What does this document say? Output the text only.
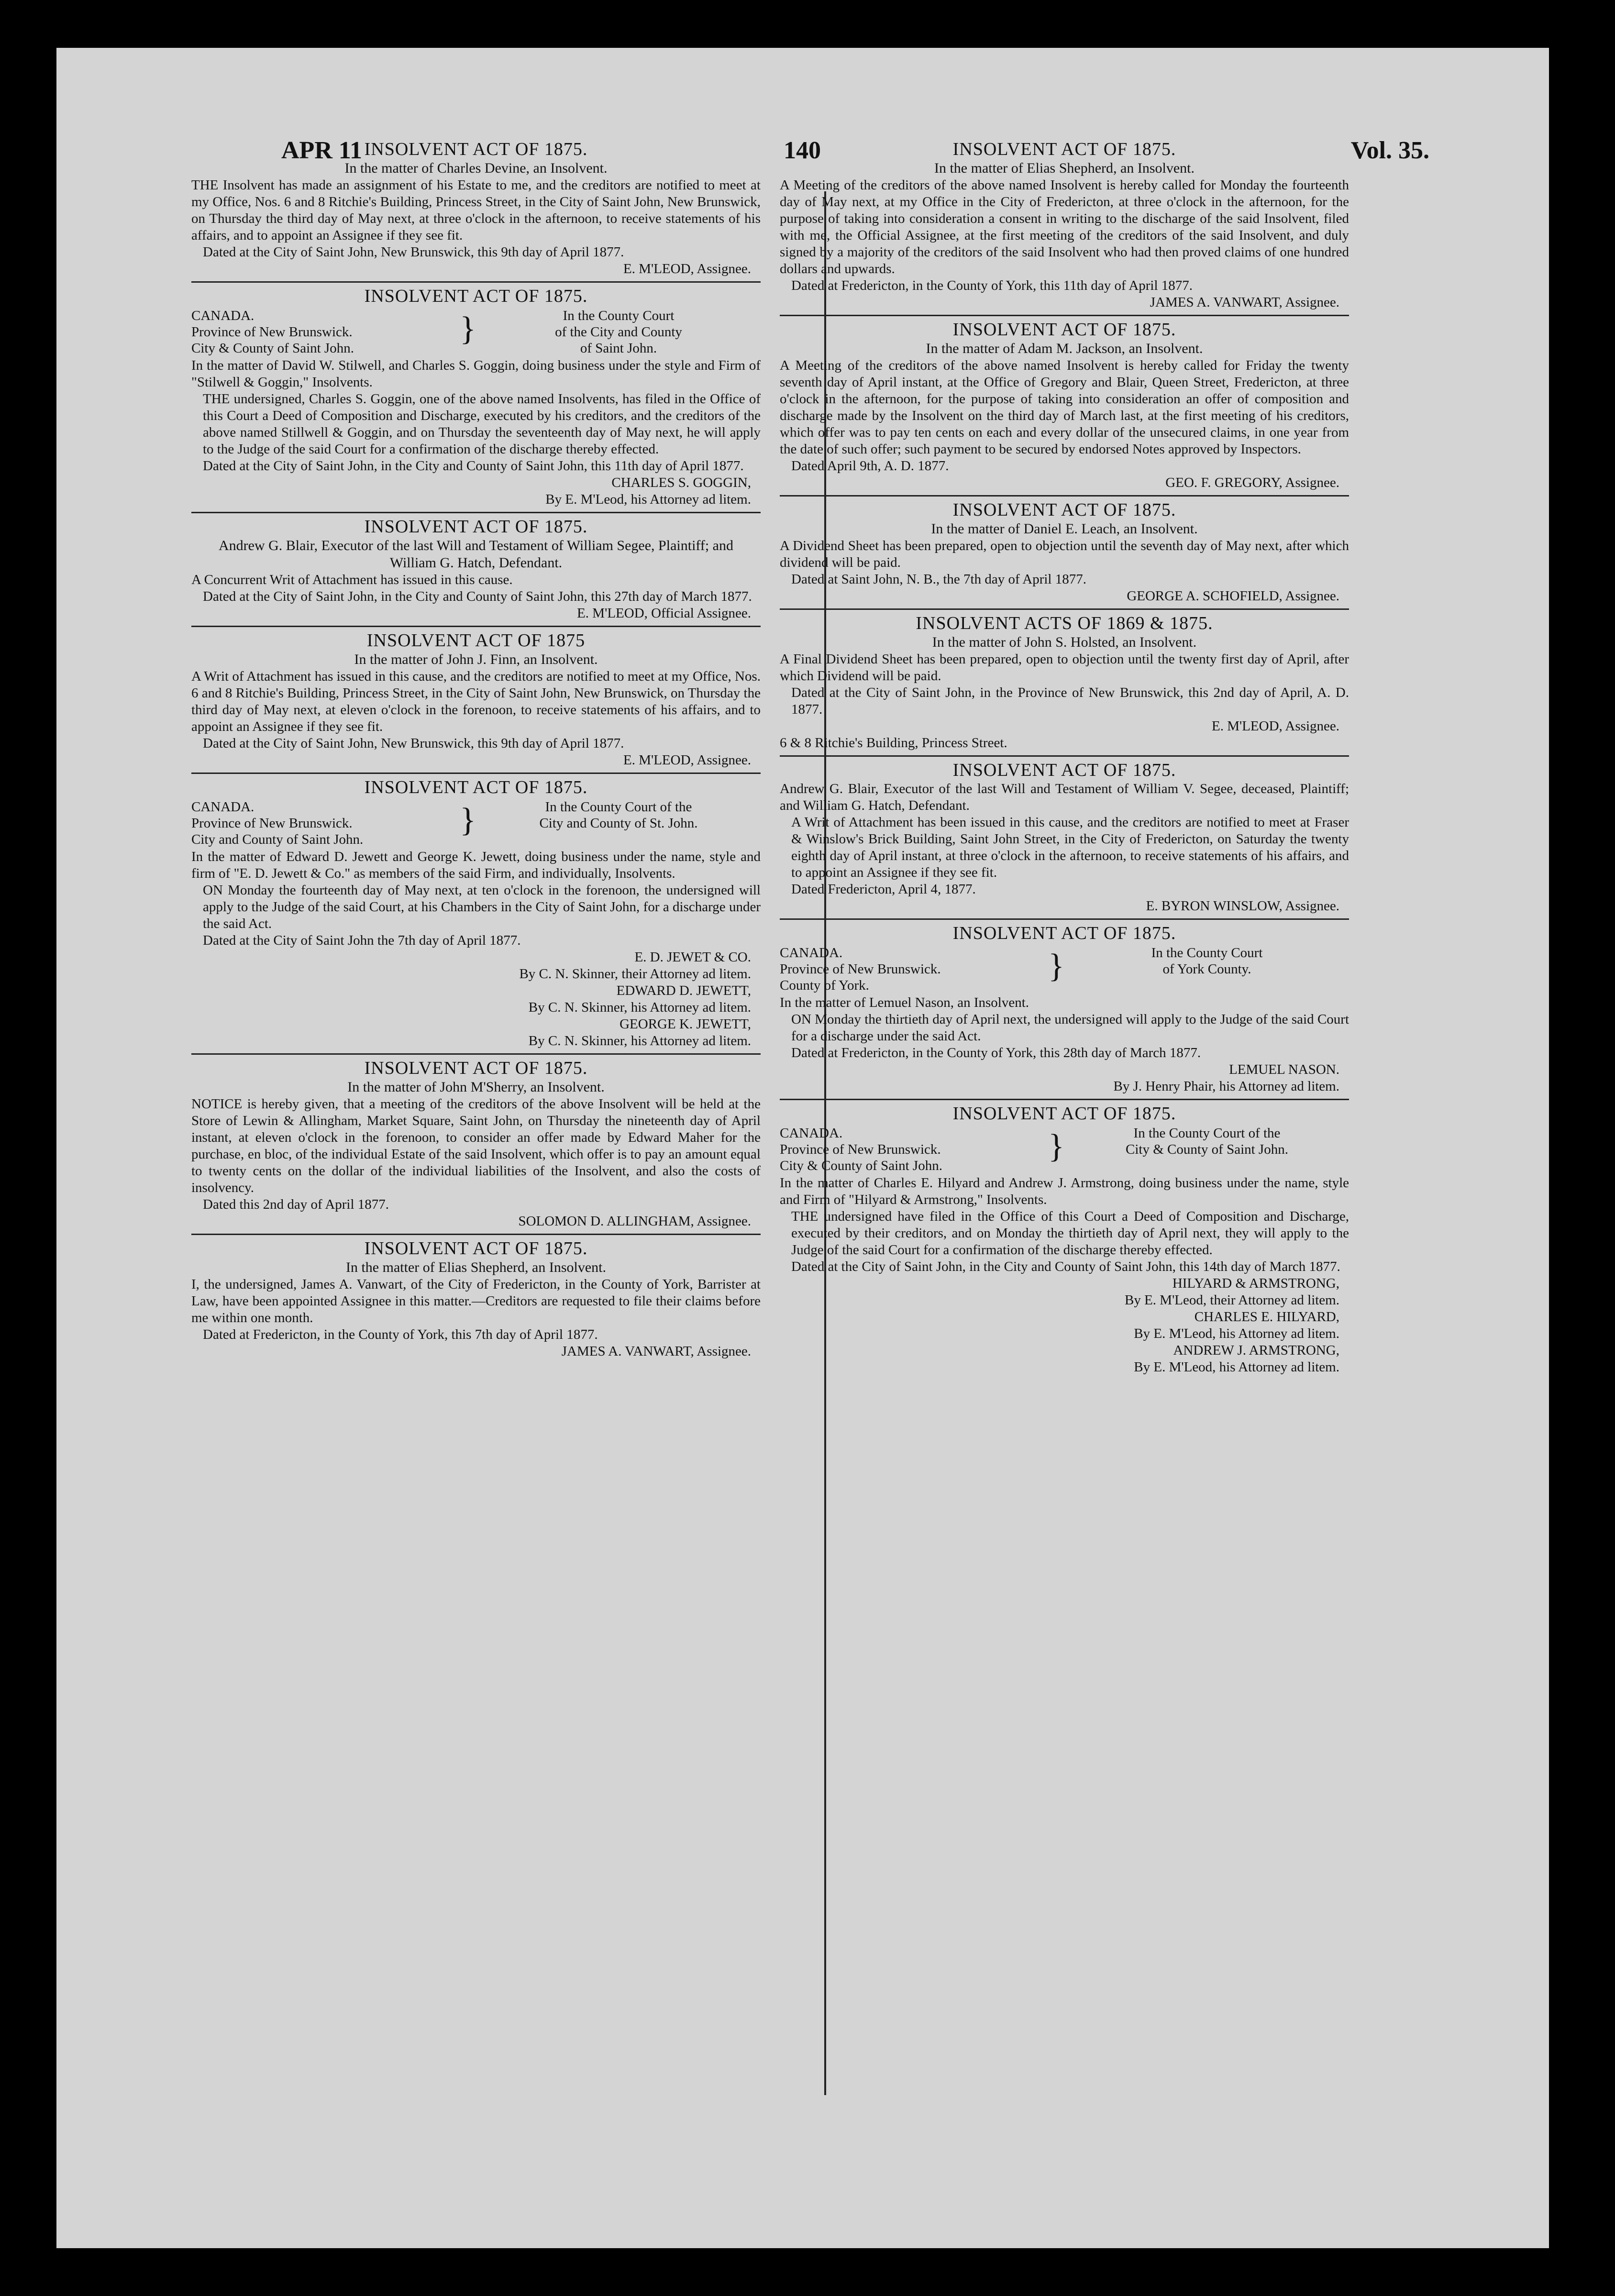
APR 11	140	Vol. 35.
INSOLVENT ACT OF 1875.
In the matter of Charles Devine, an Insolvent.
THE Insolvent has made an assignment of his Estate to me, and the creditors are notified to meet at my Office, Nos. 6 and 8 Ritchie's Building, Princess Street, in the City of Saint John, New Brunswick, on Thursday the third day of May next, at three o'clock in the afternoon, to receive statements of his affairs, and to appoint an Assignee if they see fit.
Dated at the City of Saint John, New Brunswick, this 9th day of April 1877.
E. M'LEOD, Assignee.
INSOLVENT ACT OF 1875.
CANADA.
Province of New Brunswick.
City & County of Saint John.
}	In the County Court
of the City and County
of Saint John.
In the matter of David W. Stilwell, and Charles S. Goggin, doing business under the style and Firm of "Stilwell & Goggin," Insolvents.
THE undersigned, Charles S. Goggin, one of the above named Insolvents, has filed in the Office of this Court a Deed of Composition and Discharge, executed by his creditors, and the creditors of the above named Stillwell & Goggin, and on Thursday the seventeenth day of May next, he will apply to the Judge of the said Court for a confirmation of the discharge thereby effected.
Dated at the City of Saint John, in the City and County of Saint John, this 11th day of April 1877.
CHARLES S. GOGGIN,
By E. M'Leod, his Attorney ad litem.
INSOLVENT ACT OF 1875.
Andrew G. Blair, Executor of the last Will and Testament of William Segee, Plaintiff; and
William G. Hatch, Defendant.
A Concurrent Writ of Attachment has issued in this cause.
Dated at the City of Saint John, in the City and County of Saint John, this 27th day of March 1877.
E. M'LEOD, Official Assignee.
INSOLVENT ACT OF 1875
In the matter of John J. Finn, an Insolvent.
A Writ of Attachment has issued in this cause, and the creditors are notified to meet at my Office, Nos. 6 and 8 Ritchie's Building, Princess Street, in the City of Saint John, New Brunswick, on Thursday the third day of May next, at eleven o'clock in the forenoon, to receive statements of his affairs, and to appoint an Assignee if they see fit.
Dated at the City of Saint John, New Brunswick, this 9th day of April 1877.
E. M'LEOD, Assignee.
INSOLVENT ACT OF 1875.
CANADA.
Province of New Brunswick.
City and County of Saint John.
}	In the County Court of the
City and County of St. John.
In the matter of Edward D. Jewett and George K. Jewett, doing business under the name, style and firm of "E. D. Jewett & Co." as members of the said Firm, and individually, Insolvents.
ON Monday the fourteenth day of May next, at ten o'clock in the forenoon, the undersigned will apply to the Judge of the said Court, at his Chambers in the City of Saint John, for a discharge under the said Act.
Dated at the City of Saint John the 7th day of April 1877.
E. D. JEWET & CO.
By C. N. Skinner, their Attorney ad litem.
EDWARD D. JEWETT,
By C. N. Skinner, his Attorney ad litem.
GEORGE K. JEWETT,
By C. N. Skinner, his Attorney ad litem.
INSOLVENT ACT OF 1875.
In the matter of John M'Sherry, an Insolvent.
NOTICE is hereby given, that a meeting of the creditors of the above Insolvent will be held at the Store of Lewin & Allingham, Market Square, Saint John, on Thursday the nineteenth day of April instant, at eleven o'clock in the forenoon, to consider an offer made by Edward Maher for the purchase, en bloc, of the individual Estate of the said Insolvent, which offer is to pay an amount equal to twenty cents on the dollar of the individual liabilities of the Insolvent, and also the costs of insolvency.
Dated this 2nd day of April 1877.
SOLOMON D. ALLINGHAM, Assignee.
INSOLVENT ACT OF 1875.
In the matter of Elias Shepherd, an Insolvent.
I, the undersigned, James A. Vanwart, of the City of Fredericton, in the County of York, Barrister at Law, have been appointed Assignee in this matter.—Creditors are requested to file their claims before me within one month.
Dated at Fredericton, in the County of York, this 7th day of April 1877.
JAMES A. VANWART, Assignee.
INSOLVENT ACT OF 1875.
In the matter of Elias Shepherd, an Insolvent.
A Meeting of the creditors of the above named Insolvent is hereby called for Monday the fourteenth day of May next, at my Office in the City of Fredericton, at three o'clock in the afternoon, for the purpose of taking into consideration a consent in writing to the discharge of the said Insolvent, filed with me, the Official Assignee, at the first meeting of the creditors of the said Insolvent, and duly signed by a majority of the creditors of the said Insolvent who had then proved claims of one hundred dollars and upwards.
Dated at Fredericton, in the County of York, this 11th day of April 1877.
JAMES A. VANWART, Assignee.
INSOLVENT ACT OF 1875.
In the matter of Adam M. Jackson, an Insolvent.
A Meeting of the creditors of the above named Insolvent is hereby called for Friday the twenty seventh day of April instant, at the Office of Gregory and Blair, Queen Street, Fredericton, at three o'clock in the afternoon, for the purpose of taking into consideration an offer of composition and discharge made by the Insolvent on the third day of March last, at the first meeting of his creditors, which offer was to pay ten cents on each and every dollar of the unsecured claims, in one year from the date of such offer; such payment to be secured by endorsed Notes approved by Inspectors.
Dated April 9th, A. D. 1877.
GEO. F. GREGORY, Assignee.
INSOLVENT ACT OF 1875.
In the matter of Daniel E. Leach, an Insolvent.
A Dividend Sheet has been prepared, open to objection until the seventh day of May next, after which dividend will be paid.
Dated at Saint John, N. B., the 7th day of April 1877.
GEORGE A. SCHOFIELD, Assignee.
INSOLVENT ACTS OF 1869 & 1875.
In the matter of John S. Holsted, an Insolvent.
A Final Dividend Sheet has been prepared, open to objection until the twenty first day of April, after which Dividend will be paid.
Dated at the City of Saint John, in the Province of New Brunswick, this 2nd day of April, A. D. 1877.
E. M'LEOD, Assignee.
6 & 8 Ritchie's Building, Princess Street.
INSOLVENT ACT OF 1875.
Andrew G. Blair, Executor of the last Will and Testament of William V. Segee, deceased, Plaintiff; and William G. Hatch, Defendant.
A Writ of Attachment has been issued in this cause, and the creditors are notified to meet at Fraser & Winslow's Brick Building, Saint John Street, in the City of Fredericton, on Saturday the twenty eighth day of April instant, at three o'clock in the afternoon, to receive statements of his affairs, and to appoint an Assignee if they see fit.
Dated Fredericton, April 4, 1877.
E. BYRON WINSLOW, Assignee.
INSOLVENT ACT OF 1875.
CANADA.
Province of New Brunswick.
County of York.
}	In the County Court
of York County.
In the matter of Lemuel Nason, an Insolvent.
ON Monday the thirtieth day of April next, the undersigned will apply to the Judge of the said Court for a discharge under the said Act.
Dated at Fredericton, in the County of York, this 28th day of March 1877.
LEMUEL NASON.
By J. Henry Phair, his Attorney ad litem.
INSOLVENT ACT OF 1875.
CANADA.
Province of New Brunswick.
City & County of Saint John.
}	In the County Court of the
City & County of Saint John.
In the matter of Charles E. Hilyard and Andrew J. Armstrong, doing business under the name, style and Firm of "Hilyard & Armstrong," Insolvents.
THE undersigned have filed in the Office of this Court a Deed of Composition and Discharge, executed by their creditors, and on Monday the thirtieth day of April next, they will apply to the Judge of the said Court for a confirmation of the discharge thereby effected.
Dated at the City of Saint John, in the City and County of Saint John, this 14th day of March 1877.
HILYARD & ARMSTRONG,
By E. M'Leod, their Attorney ad litem.
CHARLES E. HILYARD,
By E. M'Leod, his Attorney ad litem.
ANDREW J. ARMSTRONG,
By E. M'Leod, his Attorney ad litem.
